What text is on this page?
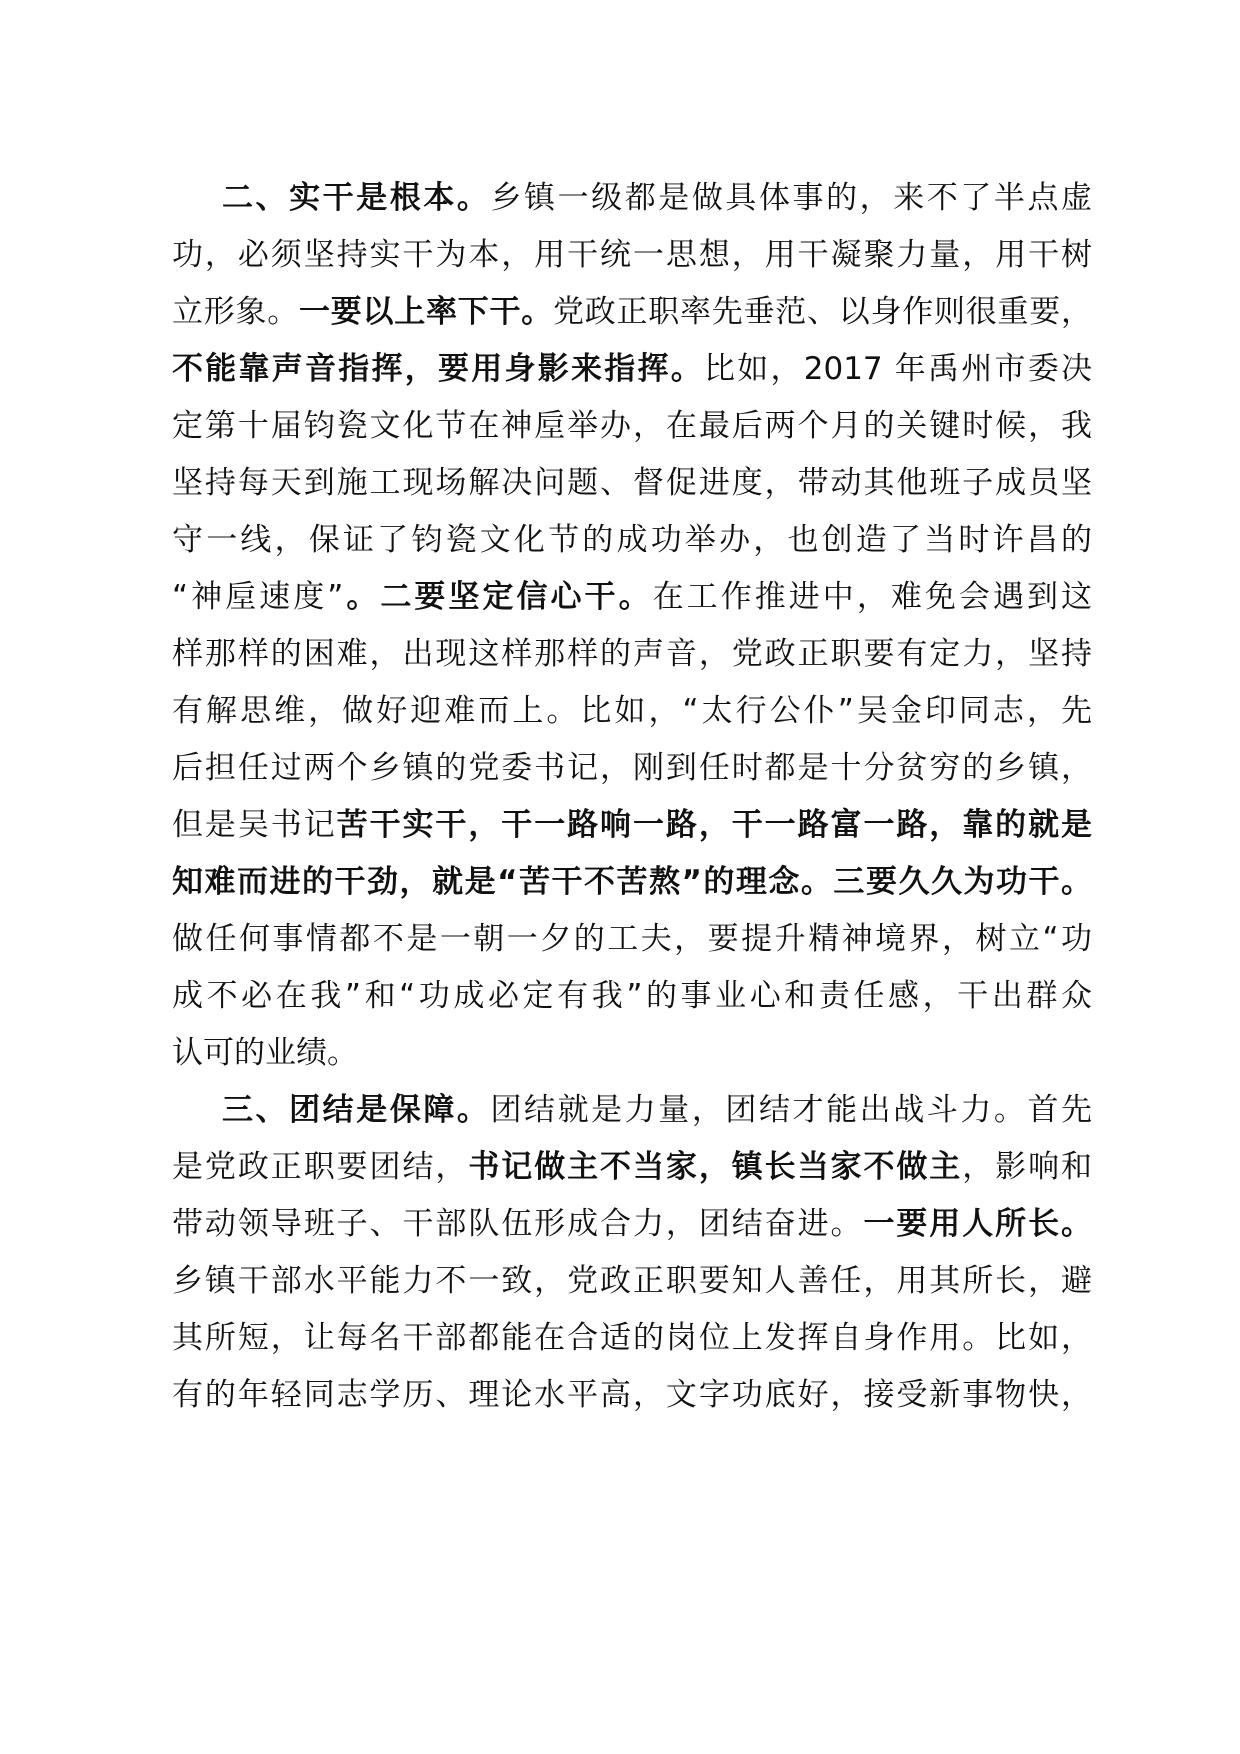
二、实干是根本。乡镇一级都是做具体事的，来不了半点虚
功，必须坚持实干为本，用干统一思想，用干凝聚力量，用干树
立形象。一要以上率下干。党政正职率先垂范、以身作则很重要，
不能靠声音指挥，要用身影来指挥。比如，2017 年禹州市委决
定第十届钧瓷文化节在神垕举办，在最后两个月的关键时候，我
坚持每天到施工现场解决问题、督促进度，带动其他班子成员坚
守一线，保证了钧瓷文化节的成功举办，也创造了当时许昌的
“神垕速度”。二要坚定信心干。在工作推进中，难免会遇到这
样那样的困难，出现这样那样的声音，党政正职要有定力，坚持
有解思维，做好迎难而上。比如，“太行公仆”吴金印同志，先
后担任过两个乡镇的党委书记，刚到任时都是十分贫穷的乡镇，
但是吴书记苦干实干，干一路响一路，干一路富一路，靠的就是
知难而进的干劲，就是“苦干不苦熬”的理念。三要久久为功干。
做任何事情都不是一朝一夕的工夫，要提升精神境界，树立“功
成不必在我”和“功成必定有我”的事业心和责任感，干出群众
认可的业绩。
三、团结是保障。团结就是力量，团结才能出战斗力。首先
是党政正职要团结，书记做主不当家，镇长当家不做主，影响和
带动领导班子、干部队伍形成合力，团结奋进。一要用人所长。
乡镇干部水平能力不一致，党政正职要知人善任，用其所长，避
其所短，让每名干部都能在合适的岗位上发挥自身作用。比如，
有的年轻同志学历、理论水平高，文字功底好，接受新事物快，
